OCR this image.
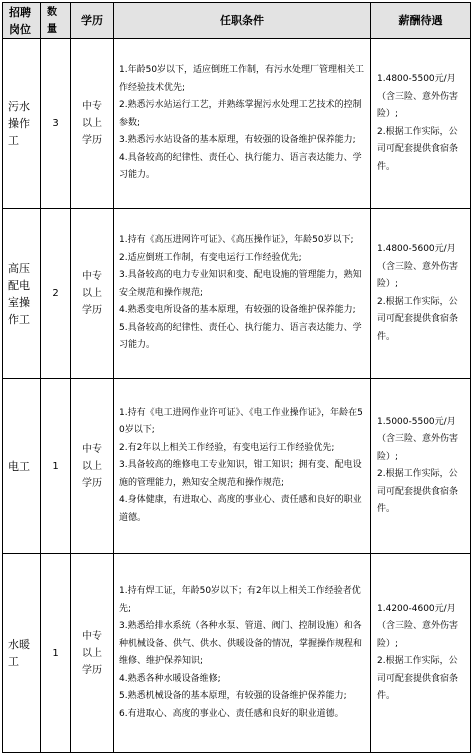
招聘岗位	数量	学历	任职条件	薪酬待遇
污水操作工	3	中专以上学历	1.年龄50岁以下，适应倒班工作制，有污水处理厂管理相关工作经验技术优先;
2.熟悉污水站运行工艺，并熟练掌握污水处理工艺技术的控制参数;
3.熟悉污水站设备的基本原理，有较强的设备维护保养能力;
4.具备较高的纪律性、责任心、执行能力、语言表达能力、学习能力。	1.4800-5500元/月（含三险、意外伤害险）;
2.根据工作实际，公司可配套提供食宿条件。

高压配电室操作工	2	中专以上学历	1.持有《高压进网许可证》、《高压操作证》，年龄50岁以下;
2.适应倒班工作制，有变电运行工作经验优先;
3.具备较高的电力专业知识和变、配电设施的管理能力，熟知安全规范和操作规范;
4.熟悉变电所设备的基本原理，有较强的设备维护保养能力;
5.具备较高的纪律性、责任心、执行能力、语言表达能力、学习能力。	1.4800-5600元/月（含三险、意外伤害险）;
2.根据工作实际，公司可配套提供食宿条件。

电工	1	中专以上学历	1.持有《电工进网作业许可证》、《电工作业操作证》，年龄在50岁以下;
2.有2年以上相关工作经验，有变电运行工作经验优先;
3.具备较高的维修电工专业知识，钳工知识；拥有变、配电设施的管理能力，熟知安全规范和操作规范;
4.身体健康，有进取心、高度的事业心、责任感和良好的职业道德。	1.5000-5500元/月（含三险、意外伤害险）;
2.根据工作实际，公司可配套提供食宿条件。

水暖工	1	中专以上学历	1.持有焊工证，年龄50岁以下；有2年以上相关工作经验者优先;
3.熟悉给排水系统（各种水泵、管道、阀门、控制设施）和各种机械设备、供气、供水、供暖设备的情况，掌握操作规程和维修、维护保养知识;
4.熟悉各种水暖设备维修;
5.熟悉机械设备的基本原理，有较强的设备维护保养能力;
6.有进取心、高度的事业心、责任感和良好的职业道德。	1.4200-4600元/月（含三险、意外伤害险）;
2.根据工作实际，公司可配套提供食宿条件。
